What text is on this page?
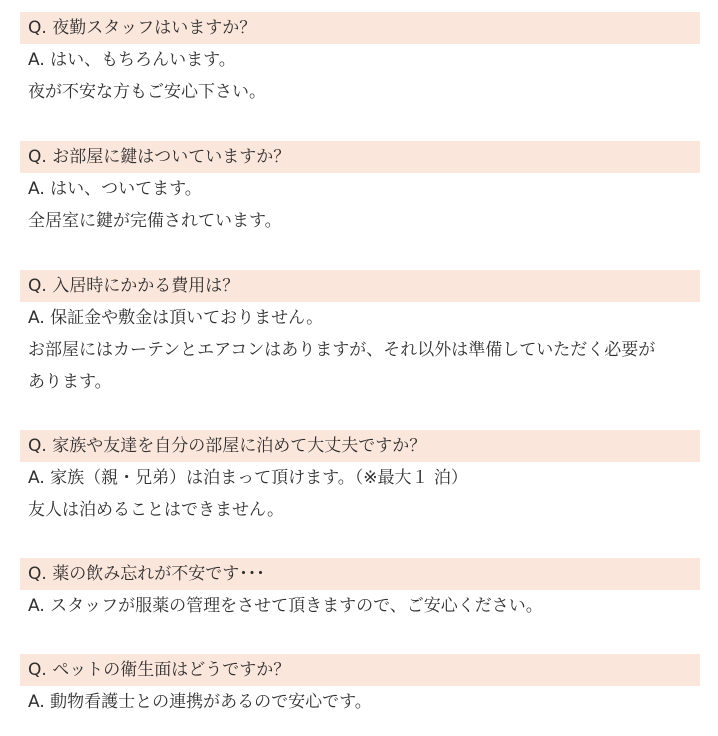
Q. 夜勤スタッフはいますか？
A. はい、もちろんいます。
夜が不安な方もご安心下さい。
Q. お部屋に鍵はついていますか？
A. はい、ついてます。
全居室に鍵が完備されています。
Q. 入居時にかかる費用は？
A. 保証金や敷金は頂いておりません。
お部屋にはカーテンとエアコンはありますが、それ以外は準備していただく必要が
あります。
Q. 家族や友達を自分の部屋に泊めて大丈夫ですか？
A. 家族（親・兄弟）は泊まって頂けます。（※最大１ 泊）
友人は泊めることはできません。
Q. 薬の飲み忘れが不安です･･･
A. スタッフが服薬の管理をさせて頂きますので、ご安心ください。
Q. ペットの衛生面はどうですか？
A. 動物看護士との連携があるので安心です。
